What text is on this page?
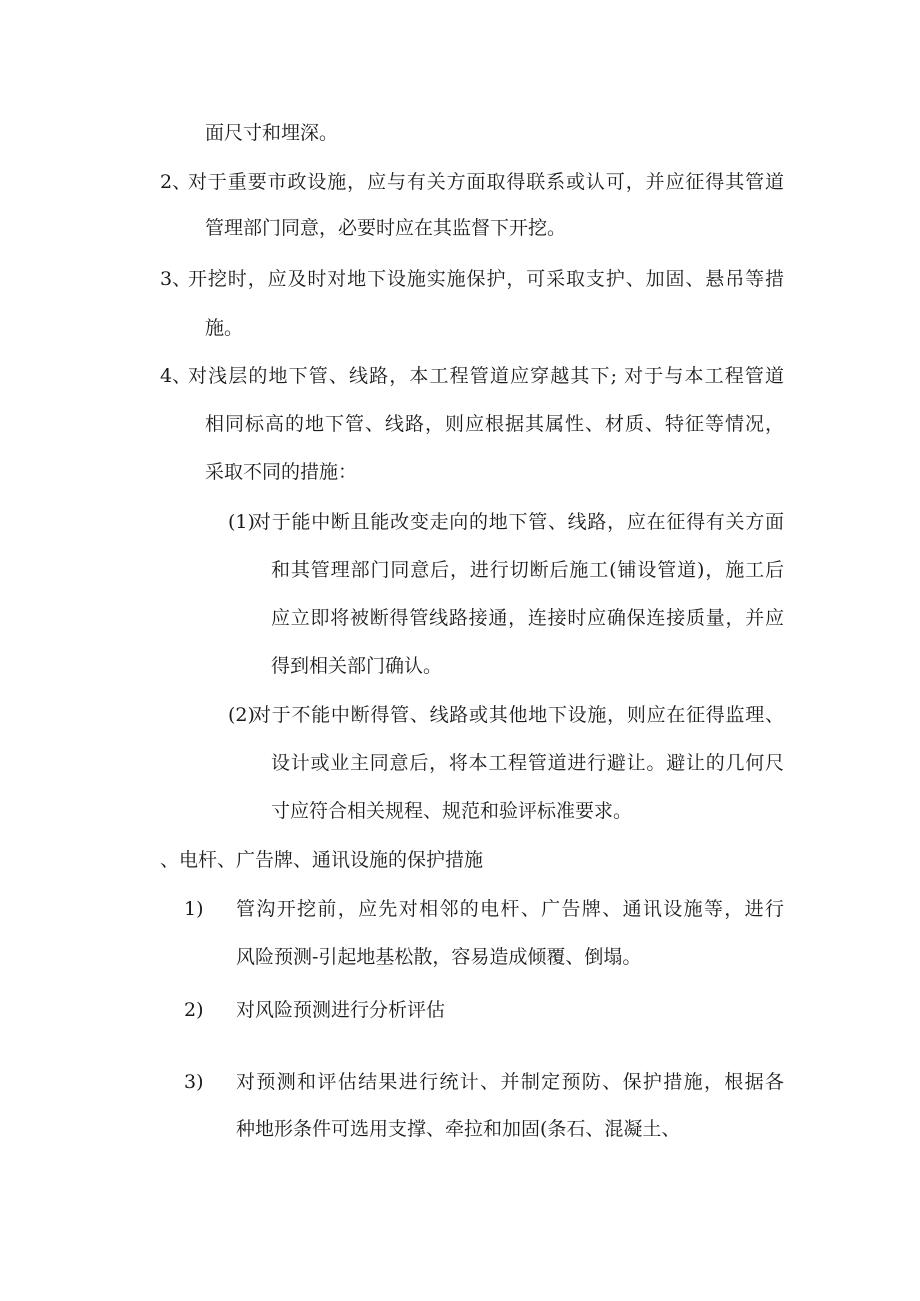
面尺寸和埋深。
2、
对于重要市政设施，应与有关方面取得联系或认可，并应征得其管道
管理部门同意，必要时应在其监督下开挖。
3、
开挖时，应及时对地下设施实施保护，可采取支护、加固、悬吊等措
施。
4、
对浅层的地下管、线路，本工程管道应穿越其下; 对于与本工程管道
相同标高的地下管、线路，则应根据其属性、材质、特征等情况，
采取不同的措施：
(1)
对于能中断且能改变走向的地下管、线路，应在征得有关方面
和其管理部门同意后，进行切断后施工(铺设管道)，施工后
应立即将被断得管线路接通，连接时应确保连接质量，并应
得到相关部门确认。
(2)
对于不能中断得管、线路或其他地下设施，则应在征得监理、
设计或业主同意后，将本工程管道进行避让。避让的几何尺
寸应符合相关规程、规范和验评标准要求。
、电杆、广告牌、通讯设施的保护措施
1) 管沟开挖前，应先对相邻的电杆、广告牌、通讯设施等，进行
风险预测-引起地基松散，容易造成倾覆、倒塌。
2) 对风险预测进行分析评估
3) 对预测和评估结果进行统计、并制定预防、保护措施，根据各
种地形条件可选用支撑、牵拉和加固(条石、混凝土、
